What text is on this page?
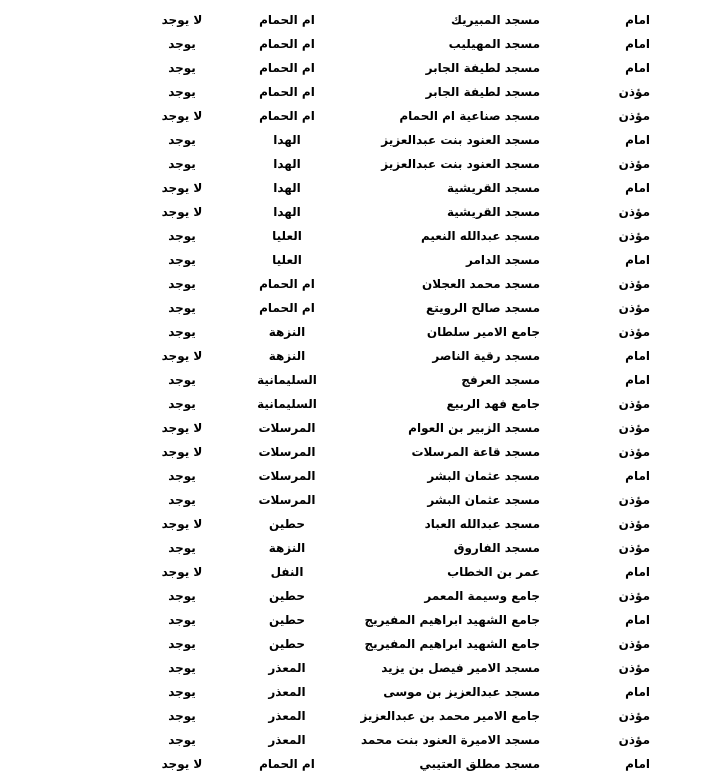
امام
مسجد المبيريك
ام الحمام
لا يوجد
امام
مسجد المهيليب
ام الحمام
يوجد
امام
مسجد لطيفة الجابر
ام الحمام
يوجد
مؤذن
مسجد لطيفة الجابر
ام الحمام
يوجد
مؤذن
مسجد صناعية ام الحمام
ام الحمام
لا يوجد
امام
مسجد العنود بنت عبدالعزيز
الهدا
يوجد
مؤذن
مسجد العنود بنت عبدالعزيز
الهدا
يوجد
امام
مسجد القريشية
الهدا
لا يوجد
مؤذن
مسجد القريشية
الهدا
لا يوجد
مؤذن
مسجد عبدالله النعيم
العليا
يوجد
امام
مسجد الدامر
العليا
يوجد
مؤذن
مسجد محمد العجلان
ام الحمام
يوجد
مؤذن
مسجد صالح الرويتع
ام الحمام
يوجد
مؤذن
جامع الامير سلطان
النزهة
يوجد
امام
مسجد رقية الناصر
النزهة
لا يوجد
امام
مسجد العرفج
السليمانية
يوجد
مؤذن
جامع فهد الربيع
السليمانية
يوجد
مؤذن
مسجد الزبير بن العوام
المرسلات
لا يوجد
مؤذن
مسجد قاعة المرسلات
المرسلات
لا يوجد
امام
مسجد عثمان البشر
المرسلات
يوجد
مؤذن
مسجد عثمان البشر
المرسلات
يوجد
مؤذن
مسجد عبدالله العباد
حطين
لا يوجد
مؤذن
مسجد الفاروق
النزهة
يوجد
امام
عمر بن الخطاب
النفل
لا يوجد
مؤذن
جامع وسيمة المعمر
حطين
يوجد
امام
جامع الشهيد ابراهيم المفيريج
حطين
يوجد
مؤذن
جامع الشهيد ابراهيم المفيريج
حطين
يوجد
مؤذن
مسجد الامير فيصل بن يزيد
المعذر
يوجد
امام
مسجد عبدالعزيز بن موسى
المعذر
يوجد
مؤذن
جامع الامير محمد بن عبدالعزيز
المعذر
يوجد
مؤذن
مسجد الاميرة العنود بنت محمد
المعذر
يوجد
امام
مسجد مطلق العتيبي
ام الحمام
لا يوجد
